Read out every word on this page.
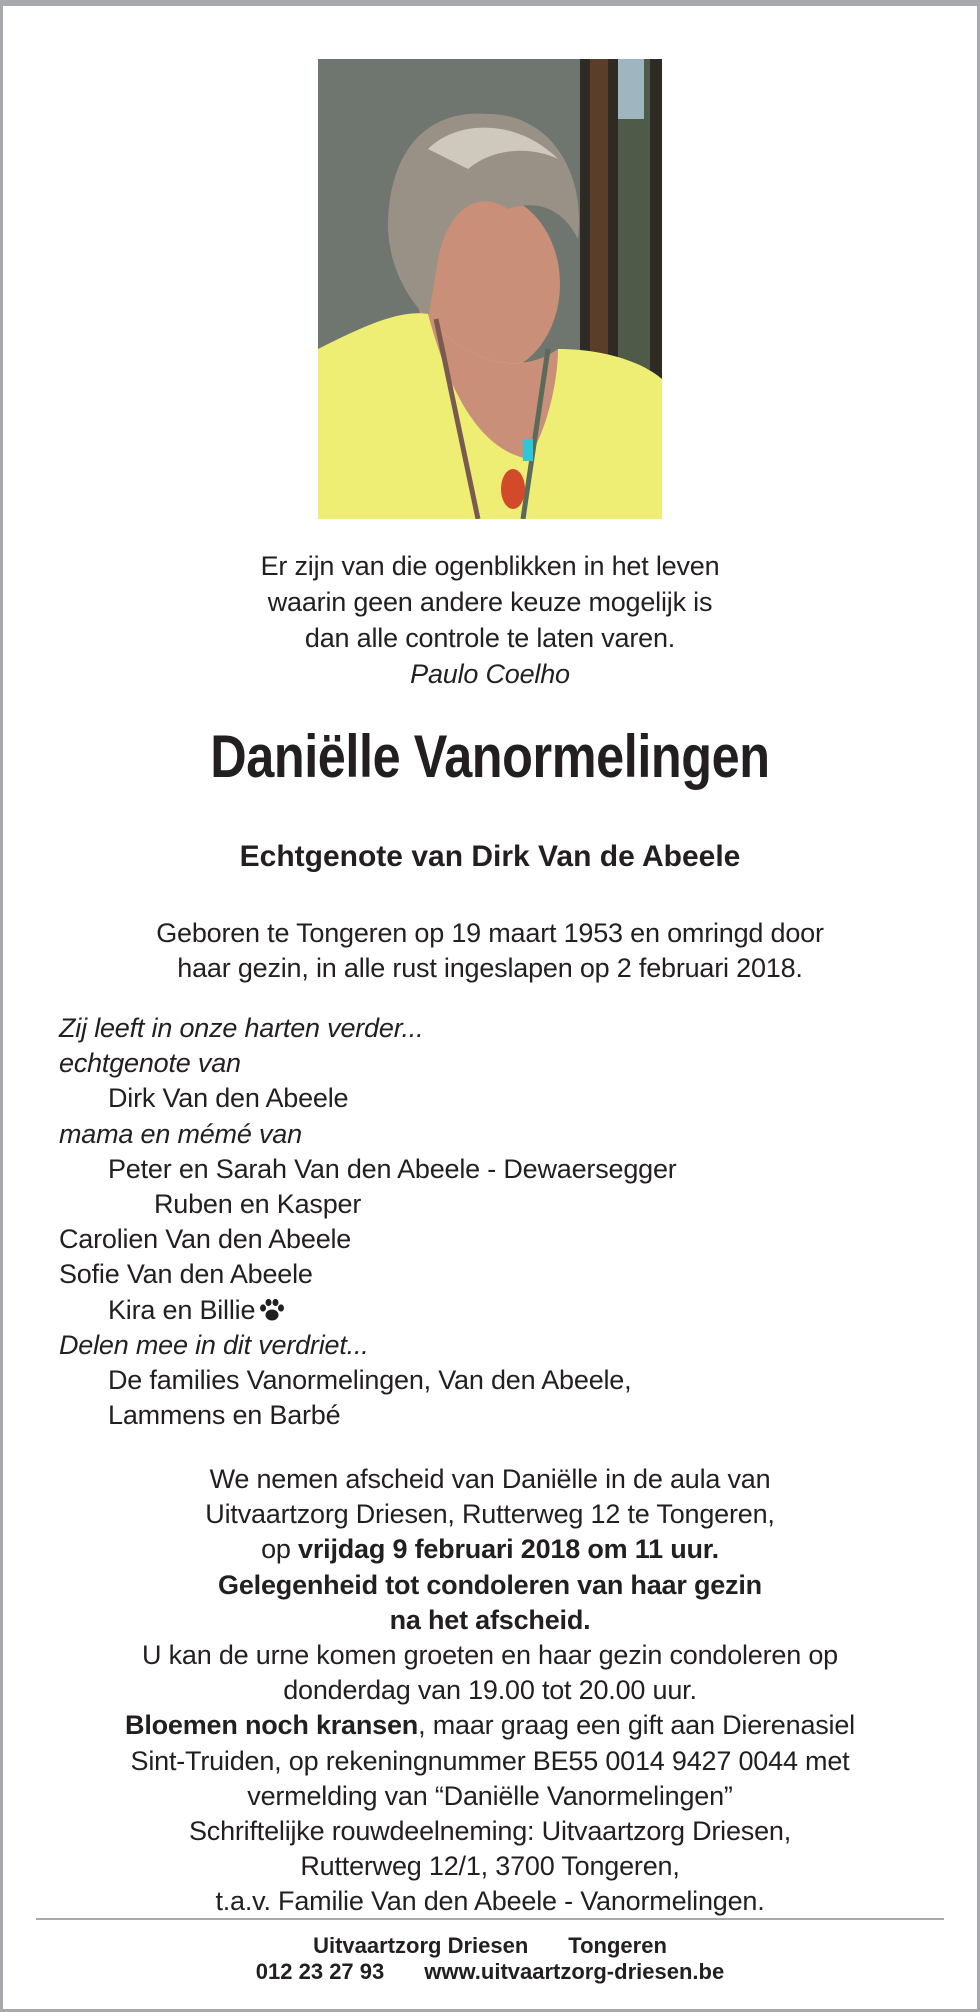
Er zijn van die ogenblikken in het leven
waarin geen andere keuze mogelijk is
dan alle controle te laten varen.
Paulo Coelho
Daniëlle Vanormelingen
Echtgenote van Dirk Van de Abeele
Geboren te Tongeren op 19 maart 1953 en omringd door
haar gezin, in alle rust ingeslapen op 2 februari 2018.
Zij leeft in onze harten verder...
echtgenote van
Dirk Van den Abeele
mama en mémé van
Peter en Sarah Van den Abeele - Dewaersegger
Ruben en Kasper
Carolien Van den Abeele
Sofie Van den Abeele
Kira en Billie
Delen mee in dit verdriet...
De families Vanormelingen, Van den Abeele,
Lammens en Barbé
We nemen afscheid van Daniëlle in de aula van
Uitvaartzorg Driesen, Rutterweg 12 te Tongeren,
op vrijdag 9 februari 2018 om 11 uur.
Gelegenheid tot condoleren van haar gezin
na het afscheid.
U kan de urne komen groeten en haar gezin condoleren op
donderdag van 19.00 tot 20.00 uur.
Bloemen noch kransen, maar graag een gift aan Dierenasiel
Sint-Truiden, op rekeningnummer BE55 0014 9427 0044 met
vermelding van “Daniëlle Vanormelingen”
Schriftelijke rouwdeelneming: Uitvaartzorg Driesen,
Rutterweg 12/1, 3700 Tongeren,
t.a.v. Familie Van den Abeele - Vanormelingen.
Uitvaartzorg Driesen Tongeren
012 23 27 93 www.uitvaartzorg-driesen.be
